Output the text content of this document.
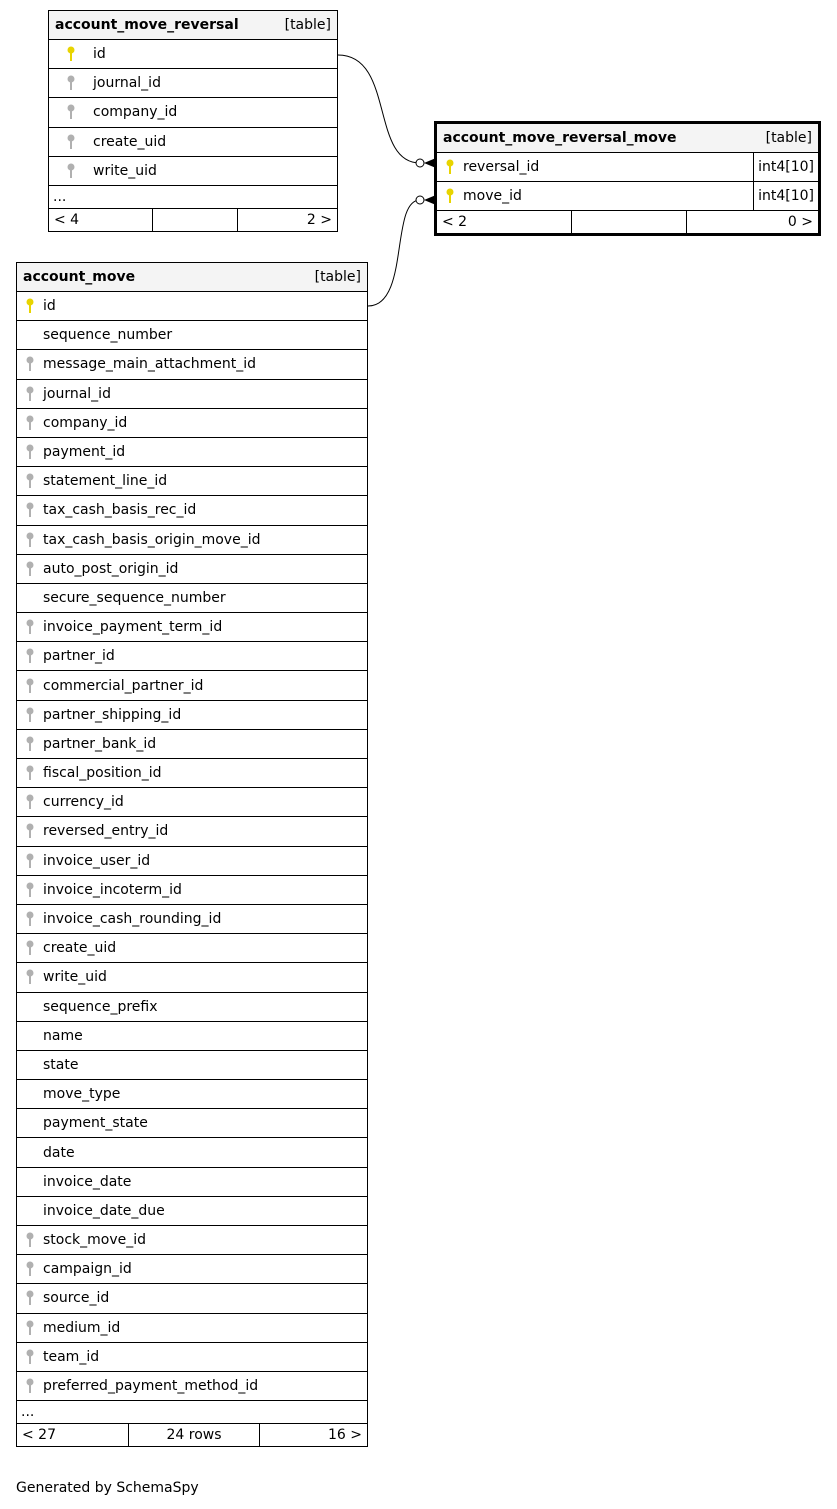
account_move_reversal	[table]
id
journal_id
company_id
create_uid
write_uid
...
< 4	2 >
account_move_reversal_move	[table]
reversal_id	int4[10]
move_id	int4[10]
< 2	0 >
account_move	[table]
id
sequence_number
message_main_attachment_id
journal_id
company_id
payment_id
statement_line_id
tax_cash_basis_rec_id
tax_cash_basis_origin_move_id
auto_post_origin_id
secure_sequence_number
invoice_payment_term_id
partner_id
commercial_partner_id
partner_shipping_id
partner_bank_id
fiscal_position_id
currency_id
reversed_entry_id
invoice_user_id
invoice_incoterm_id
invoice_cash_rounding_id
create_uid
write_uid
sequence_prefix
name
state
move_type
payment_state
date
invoice_date
invoice_date_due
stock_move_id
campaign_id
source_id
medium_id
team_id
preferred_payment_method_id
...
< 27	24 rows	16 >
Generated by SchemaSpy
